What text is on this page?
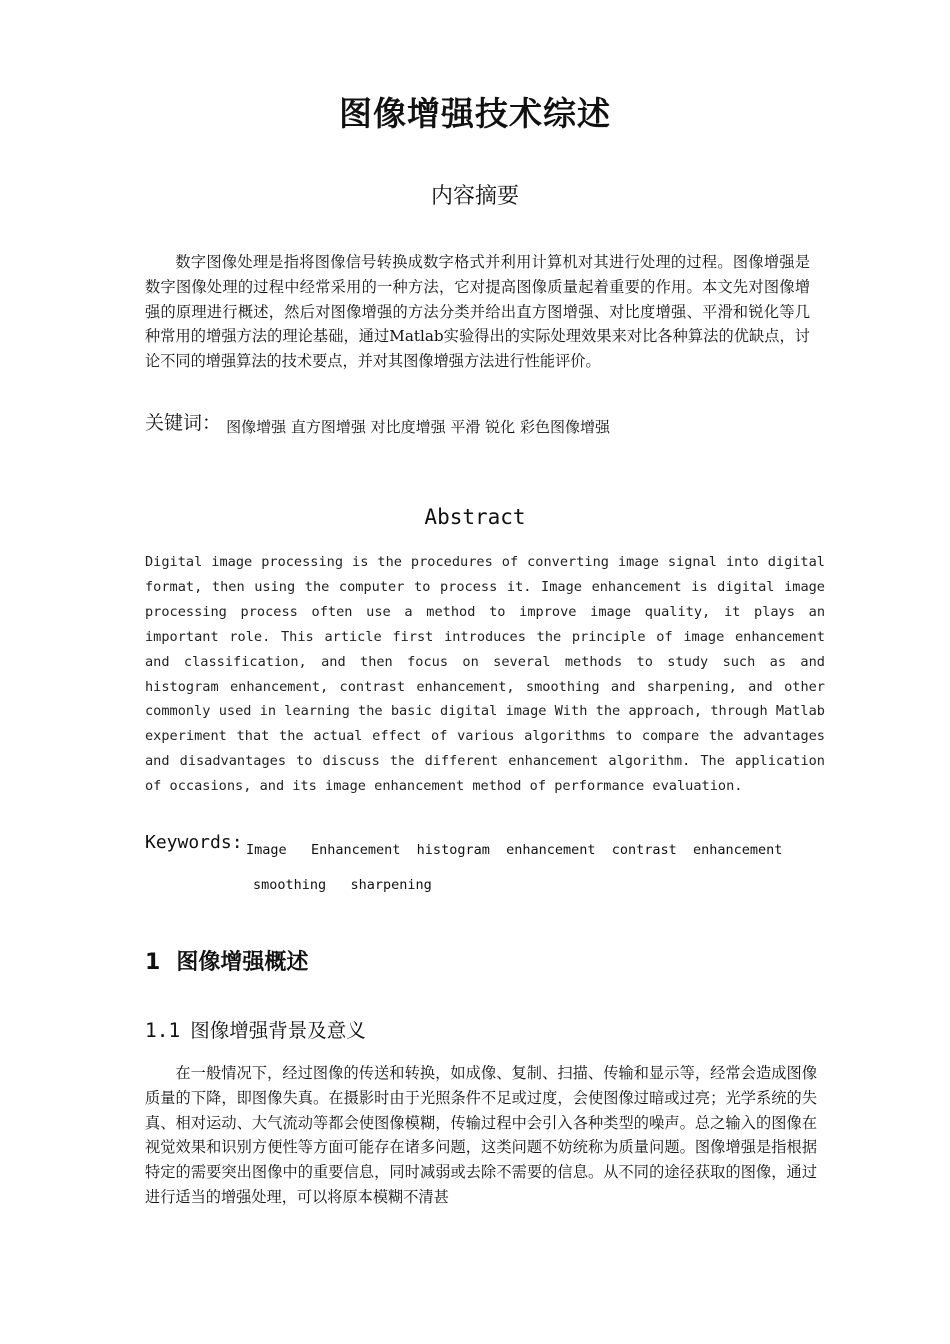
图像增强技术综述
内容摘要

数字图像处理是指将图像信号转换成数字格式并利用计算机对其进行处理的过程。图像增强是数字图像处理的过程中经常采用的一种方法，它对提高图像质量起着重要的作用。本文先对图像增强的原理进行概述，然后对图像增强的方法分类并给出直方图增强、对比度增强、平滑和锐化等几种常用的增强方法的理论基础，通过Matlab实验得出的实际处理效果来对比各种算法的优缺点，讨论不同的增强算法的技术要点，并对其图像增强方法进行性能评价。

关键词： 图像增强 直方图增强 对比度增强 平滑 锐化 彩色图像增强
Abstract

Digital image processing is the procedures of converting image signal into digital format, then using the computer to process it. Image enhancement is digital image processing process often use a method to improve image quality, it plays an important role. This article first introduces the principle of image enhancement and classification, and then focus on several methods to study such as and histogram enhancement, contrast enhancement, smoothing and sharpening, and other commonly used in learning the basic digital image With the approach, through Matlab experiment that the actual effect of various algorithms to compare the advantages and disadvantages to discuss the different enhancement algorithm. The application of occasions, and its image enhancement method of performance evaluation.

Keywords: Image   Enhancement  histogram  enhancement  contrast  enhancement
smoothing   sharpening
1 图像增强概述
1.1 图像增强背景及意义

在一般情况下，经过图像的传送和转换，如成像、复制、扫描、传输和显示等，经常会造成图像质量的下降，即图像失真。在摄影时由于光照条件不足或过度，会使图像过暗或过亮；光学系统的失真、相对运动、大气流动等都会使图像模糊，传输过程中会引入各种类型的噪声。总之输入的图像在视觉效果和识别方便性等方面可能存在诸多问题，这类问题不妨统称为质量问题。图像增强是指根据特定的需要突出图像中的重要信息，同时减弱或去除不需要的信息。从不同的途径获取的图像，通过进行适当的增强处理，可以将原本模糊不清甚
